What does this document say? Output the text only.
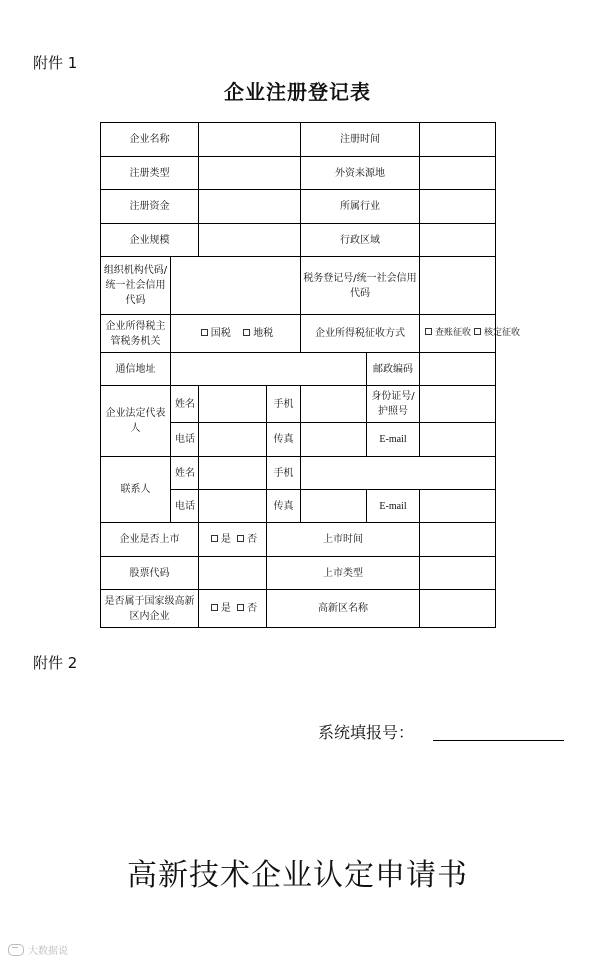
附件 1
企业注册登记表
企业名称				注册时间		
注册类型				外资来源地		
注册资金				所属行业		
企业规模				行政区域		
组织机构代码/统一社会信用代码				税务登记号/统一社会信用代码		
企业所得税主管税务机关	国税 地税			企业所得税征收方式		查账征收 核定征收
通信地址					邮政编码	
企业法定代表人	姓名		手机		身份证号/护照号	
	电话		传真		E-mail	
联系人	姓名		手机			
	电话		传真		E-mail	
企业是否上市		是 否	上市时间			
股票代码			上市类型			
是否属于国家级高新区内企业		是 否	高新区名称			
附件 2
系统填报号：
高新技术企业认定申请书
大数据说
